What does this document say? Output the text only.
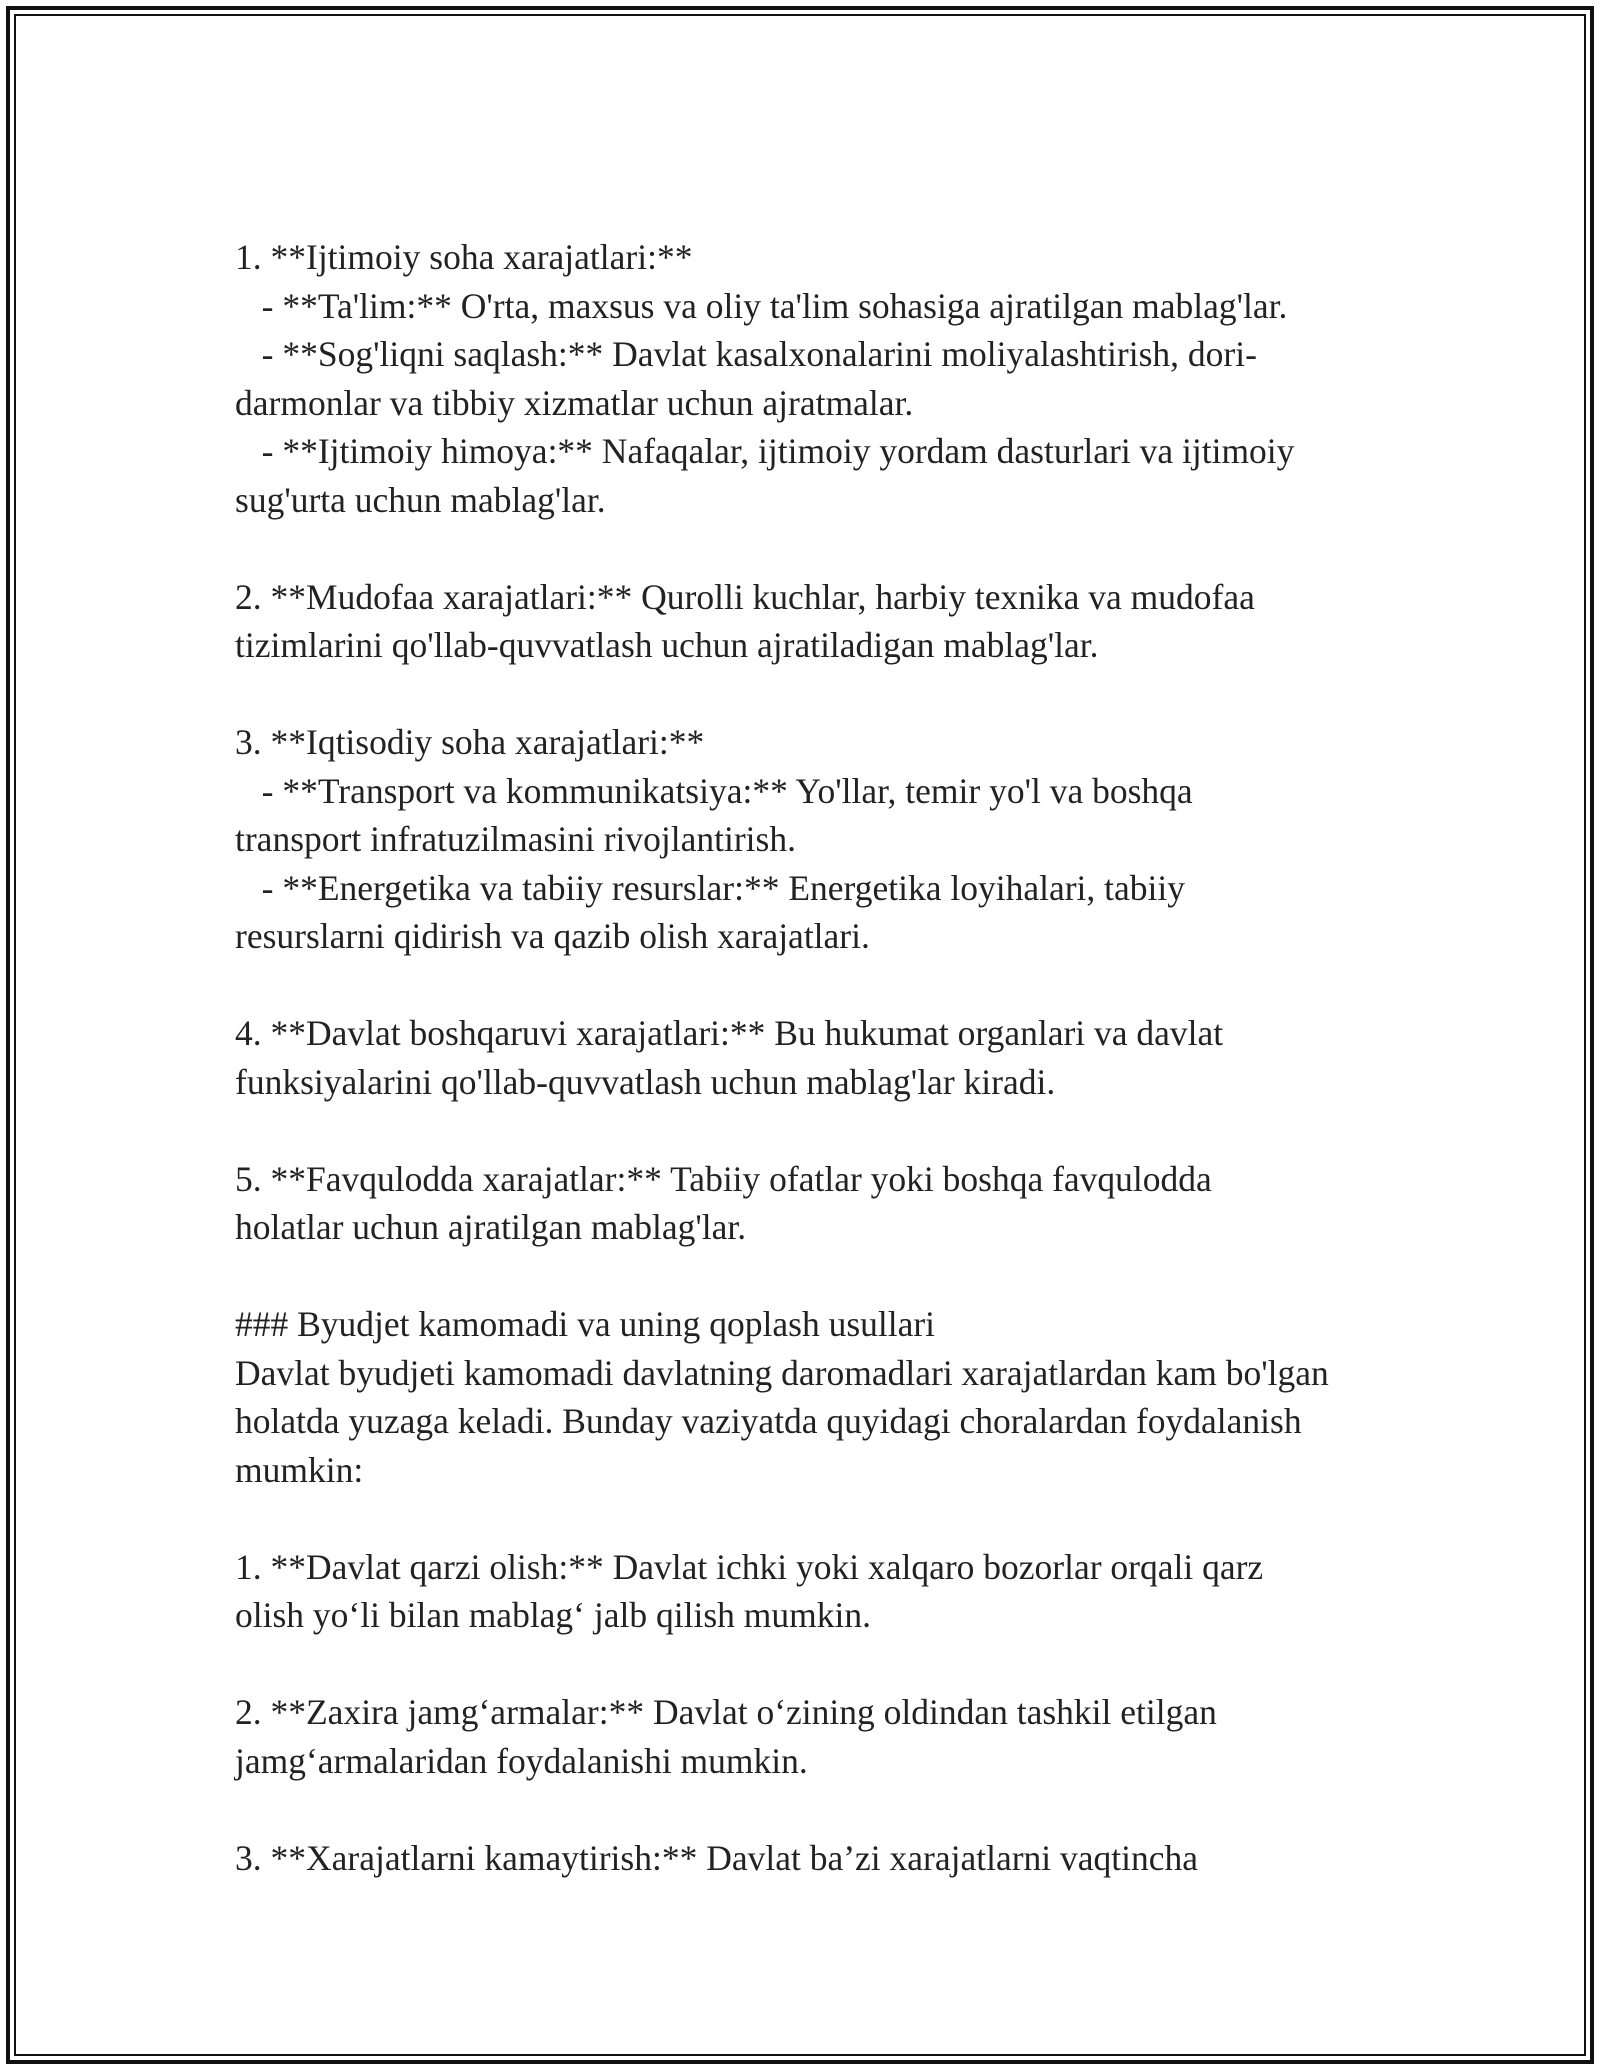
1. **Ijtimoiy soha xarajatlari:**
- **Ta'lim:** O'rta, maxsus va oliy ta'lim sohasiga ajratilgan mablag'lar.
- **Sog'liqni saqlash:** Davlat kasalxonalarini moliyalashtirish, dori-
darmonlar va tibbiy xizmatlar uchun ajratmalar.
- **Ijtimoiy himoya:** Nafaqalar, ijtimoiy yordam dasturlari va ijtimoiy
sug'urta uchun mablag'lar.
2. **Mudofaa xarajatlari:** Qurolli kuchlar, harbiy texnika va mudofaa
tizimlarini qo'llab-quvvatlash uchun ajratiladigan mablag'lar.
3. **Iqtisodiy soha xarajatlari:**
- **Transport va kommunikatsiya:** Yo'llar, temir yo'l va boshqa
transport infratuzilmasini rivojlantirish.
- **Energetika va tabiiy resurslar:** Energetika loyihalari, tabiiy
resurslarni qidirish va qazib olish xarajatlari.
4. **Davlat boshqaruvi xarajatlari:** Bu hukumat organlari va davlat
funksiyalarini qo'llab-quvvatlash uchun mablag'lar kiradi.
5. **Favqulodda xarajatlar:** Tabiiy ofatlar yoki boshqa favqulodda
holatlar uchun ajratilgan mablag'lar.
### Byudjet kamomadi va uning qoplash usullari
Davlat byudjeti kamomadi davlatning daromadlari xarajatlardan kam bo'lgan
holatda yuzaga keladi. Bunday vaziyatda quyidagi choralardan foydalanish
mumkin:
1. **Davlat qarzi olish:** Davlat ichki yoki xalqaro bozorlar orqali qarz
olish yo‘li bilan mablag‘ jalb qilish mumkin.
2. **Zaxira jamg‘armalar:** Davlat o‘zining oldindan tashkil etilgan
jamg‘armalaridan foydalanishi mumkin.
3. **Xarajatlarni kamaytirish:** Davlat ba’zi xarajatlarni vaqtincha
